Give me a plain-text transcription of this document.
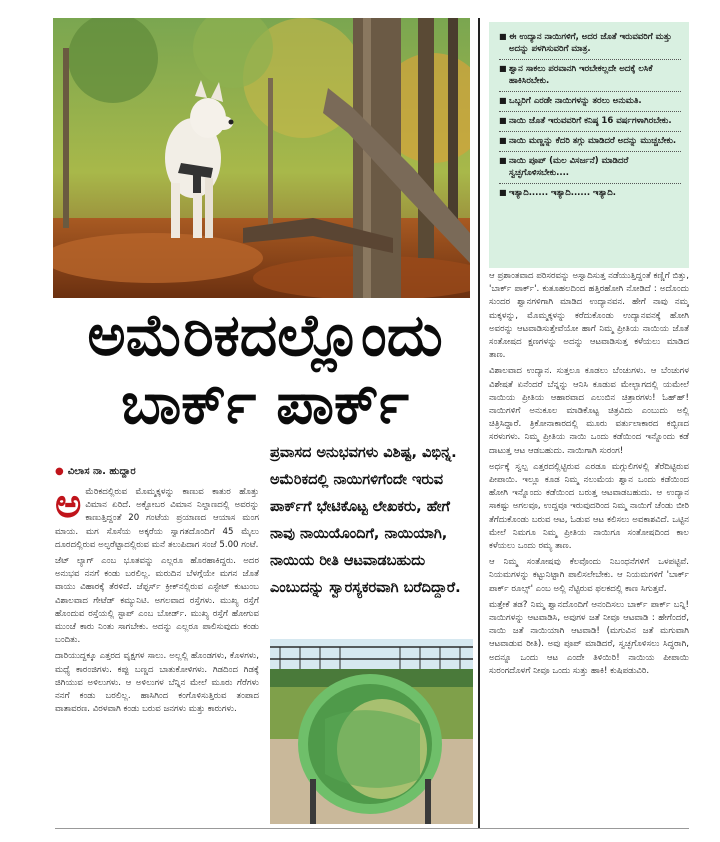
■ ಈ ಉದ್ಯಾನ ನಾಯಿಗಳಿಗೆ, ಅದರ ಜೊತೆ ಇರುವವರಿಗೆ ಮತ್ತು ಅದನ್ನು ಪಳಗಿಸುವರಿಗೆ ಮಾತ್ರ.
■ ಶ್ವಾನ ಸಾಕಲು ಪರವಾನಗಿ ಇರಬೇಕಲ್ಲದೇ ಅದಕ್ಕೆ ಲಸಿಕೆ ಹಾಕಿಸಿರಬೇಕು.
■ ಒಬ್ಬರಿಗೆ ಎರಡೇ ನಾಯಿಗಳನ್ನು ತರಲು ಅನುಮತಿ.
■ ನಾಯಿ ಜೊತೆ ಇರುವವರಿಗೆ ಕನಿಷ್ಠ 16 ವರ್ಷಗಳಾಗಿರಬೇಕು.
■ ನಾಯಿ ಮಣ್ಣನ್ನು ಕೆದರಿ ತಗ್ಗು ಮಾಡಿದರೆ ಅದನ್ನು ಮುಚ್ಚಬೇಕು.
■ ನಾಯಿ ಪೂಪ್ (ಮಲ ವಿಸರ್ಜನೆ) ಮಾಡಿದರೆ ಸ್ವಚ್ಛಗೊಳಿಸಬೇಕು....
■ ಇತ್ಯಾದಿ...... ಇತ್ಯಾದಿ...... ಇತ್ಯಾದಿ.
ಅಮೆರಿಕದಲ್ಲೊಂದು
ಬಾರ್ಕ್ ಪಾರ್ಕ್
● ವಿಲಾಸ ನಾ. ಹುದ್ದಾರ

ಅಮೆರಿಕದಲ್ಲಿರುವ ಮೊಮ್ಮಕ್ಕಳನ್ನು ಕಾಣುವ ಕಾತುರ ಹೊತ್ತು ವಿಮಾನ ಏರಿದೆ. ಅಕ್ಟೋಬರ ವಿಮಾನ ನಿಲ್ದಾಣದಲ್ಲಿ ಅವರನ್ನು ಕಾಣುತ್ತಿದ್ದಂತೆ 20 ಗಂಟೆಯ ಪ್ರಯಾಣದ ಆಯಾಸ ಮಂಗ ಮಾಯ. ಮಗ ಸೊಸೆಯ ಅಕ್ಕರೆಯ ಸ್ವಾಗತದೊಂದಿಗೆ 45 ಮೈಲು ದೂರದಲ್ಲಿರುವ ಅಲ್ಫರೆಟ್ಟಾದಲ್ಲಿರುವ ಮನೆ ತಲುಪಿದಾಗ ಸಂಜೆ 5.00 ಗಂಟೆ.

ಜೆಟ್ ಲ್ಯಾಗ್ ಎಂಬ ಭೂತವನ್ನು ಎಲ್ಲರೂ ಹೊರಹಾಕಿದ್ದರು. ಅದರ ಅನುಭವ ನನಗೆ ಕಂಡು ಬರಲಿಲ್ಲ. ಮರುದಿನ ಬೆಳಗ್ಗೆಯೇ ಮಗನ ಜೊತೆ ವಾಯು ವಿಹಾರಕ್ಕೆ ತೆರಳಿದೆ. ಜೆಫ್ಫರ್ಸ್ ಕ್ರೀಕ್‌ನಲ್ಲಿರುವ ಎಸ್ಟೇಟ್ ಕುಟುಂಬ ವಿಶಾಲವಾದ ಗೇಟೆಡ್ ಕಮ್ಯುನಿಟಿ. ಅಗಲವಾದ ರಸ್ತೆಗಳು. ಮುಖ್ಯ ರಸ್ತೆಗೆ ಹೊಂದುವ ರಸ್ತೆಯಲ್ಲಿ ಸ್ಟಾಪ್ ಎಂಬ ಬೋರ್ಡ್. ಮುಖ್ಯ ರಸ್ತೆಗೆ ಹೋಗುವ ಮುಂಚೆ ಕಾರು ನಿಂತು ಸಾಗಬೇಕು. ಅದನ್ನು ಎಲ್ಲರೂ ಪಾಲಿಸುವುದು ಕಂಡು ಬಂದಿತು.

ದಾರಿಯುದ್ದಕ್ಕೂ ಎತ್ತರದ ವೃಕ್ಷಗಳ ಸಾಲು. ಅಲ್ಲಲ್ಲಿ ಹೊಂಡಗಳು, ಕೊಳಗಳು, ಮಧ್ಯೆ ಕಾರಂಜಿಗಳು. ಕಪ್ಪು ಬಣ್ಣದ ಬಾತುಕೋಳಿಗಳು. ಗಿಡದಿಂದ ಗಿಡಕ್ಕೆ ಜಿಗಿಯುವ ಅಳಿಲುಗಳು. ಆ ಅಳಿಲುಗಳ ಬೆನ್ನಿನ ಮೇಲೆ ಮೂರು ಗೆರೆಗಳು ನನಗೆ ಕಂಡು ಬರಲಿಲ್ಲ. ಹಾಸಿಗಿಂದ ಕಂಗೊಳಿಸುತ್ತಿರುವ ತಂಪಾದ ವಾತಾವರಣ. ವಿರಳವಾಗಿ ಕಂಡು ಬರುವ ಜನಗಳು ಮತ್ತು ಕಾರುಗಳು.

ಪ್ರವಾಸದ ಅನುಭವಗಳು ವಿಶಿಷ್ಟ, ವಿಭಿನ್ನ. ಅಮೆರಿಕದಲ್ಲಿ ನಾಯಿಗಳಿಗೆಂದೇ ಇರುವ ಪಾರ್ಕ್‌ಗೆ ಭೇಟಿಕೊಟ್ಟ ಲೇಖಕರು, ಹೇಗೆ ನಾವು ನಾಯಿಯೊಂದಿಗೆ, ನಾಯಿಯಾಗಿ, ನಾಯಿಯ ರೀತಿ ಆಟವಾಡಬಹುದು ಎಂಬುದನ್ನು ಸ್ವಾರಸ್ಯಕರವಾಗಿ ಬರೆದಿದ್ದಾರೆ.

ಆ ಪ್ರಶಾಂತವಾದ ಪರಿಸರವನ್ನು ಅಸ್ವಾದಿಸುತ್ತ ನಡೆಯುತ್ತಿದ್ದಂತೆ ಕಣ್ಣಿಗೆ ಬಿತ್ತು, 'ಬಾರ್ಕ್ ಪಾರ್ಕ್'. ಕುತೂಹಲದಿಂದ ಹತ್ತಿರಹೋಗಿ ನೋಡಿದೆ : ಅದೊಂದು ಸುಂದರ ಶ್ವಾನಗಳಿಗಾಗಿ ಮಾಡಿದ ಉದ್ಯಾನವನ. ಹೇಗೆ ನಾವು ನಮ್ಮ ಮಕ್ಕಳನ್ನು, ಮೊಮ್ಮಕ್ಕಳನ್ನು ಕರೆದುಕೊಂಡು ಉದ್ಯಾನವನಕ್ಕೆ ಹೋಗಿ ಅವರನ್ನು ಆಟವಾಡಿಸುತ್ತೇವೆಯೋ ಹಾಗೆ ನಿಮ್ಮ ಪ್ರೀತಿಯ ನಾಯಿಯ ಜೊತೆ ಸಂತೋಷದ ಕ್ಷಣಗಳನ್ನು ಅದನ್ನು ಆಟವಾಡಿಸುತ್ತ ಕಳೆಯಲು ಮಾಡಿದ ತಾಣ.

ವಿಶಾಲವಾದ ಉದ್ಯಾನ. ಸುತ್ತಲೂ ಕೂಡಲು ಬೆಂಚುಗಳು. ಆ ಬೆಂಚುಗಳ ವಿಶೇಷತೆ ಏನೆಂದರೆ ಬೆನ್ನನ್ನು ಆನಿಸಿ ಕೂಡುವ ಮೇಲ್ಭಾಗದಲ್ಲಿ ಯಮೇಲೆ ನಾಯಿಯ ಪ್ರೀತಿಯ ಆಹಾರವಾದ ಎಲುಬಿನ ಚಿತ್ರಾರಗಳು! ಓಹ್‌ಹ್! ನಾಯಿಗಳಿಗೆ ಅನುಕೂಲ ಮಾಡಿಕೊಟ್ಟ ಚಿತ್ರವಿದು ಎಂಬುದು ಅಲ್ಲಿ ಚಿತ್ರಿಸಿದ್ದಾರೆ. ತ್ರಿಕೋನಾಕಾರದಲ್ಲಿ ಮೂರು ವರ್ತುಲಾಕಾರದ ಕಬ್ಬಿಣದ ಸರಳುಗಳು. ನಿಮ್ಮ ಪ್ರೀತಿಯ ನಾಯಿ ಒಂದು ಕಡೆಯಿಂದ ಇನ್ನೊಂದು ಕಡೆ ದಾಟುತ್ತ ಆಟ ಆಡಬಹುದು. ನಾಯಿಗಾಗಿ ಸುರಂಗ!

ಅರ್ಧಕ್ಕೆ ಸ್ವಲ್ಪ ಎತ್ತರದಲ್ಲಿಟ್ಟಿರುವ ಎರಡೂ ಮಗ್ಗುಲಿಗಳಲ್ಲಿ ತೆರೆದಿಟ್ಟಿರುವ ಪೀಪಾಯಿ. ಇಲ್ಲೂ ಕೂಡ ನಿಮ್ಮ ನಲುಮೆಯ ಶ್ವಾನ ಒಂದು ಕಡೆಯಿಂದ ಹೋಗಿ ಇನ್ನೊಂದು ಕಡೆಯಿಂದ ಬರುತ್ತ ಆಟವಾಡಬಹುದು. ಆ ಉದ್ಯಾನ ಸಾಕಷ್ಟು ಅಗಲವೂ, ಉದ್ದವೂ ಇರುವುದರಿಂದ ನಿಮ್ಮ ನಾಯಿಗೆ ಚೆಂಡು ಬೀರಿ ತೆಗೆದುಕೊಂಡು ಬರುವ ಆಟ, ಓಡುವ ಆಟ ಕಲಿಸಲು ಅವಕಾಶವಿದೆ. ಒಟ್ಟಿನ ಮೇಲೆ ನಿಮಗೂ ನಿಮ್ಮ ಪ್ರೀತಿಯ ನಾಯಿಗೂ ಸಂತೋಷದಿಂದ ಕಾಲ ಕಳೆಯಲು ಒಂದು ರಮ್ಯ ತಾಣ.

ಆ ನಿಮ್ಮ ಸಂತೋಷವು ಕೆಲವೊಂದು ನಿಬಂಧನೆಗಳಿಗೆ ಒಳಪಟ್ಟಿವೆ. ನಿಯಮಗಳನ್ನು ಕಟ್ಟುನಿಟ್ಟಾಗಿ ಪಾಲಿಸಲೇಬೇಕು. ಆ ನಿಯಮಗಳಿಗೆ 'ಬಾರ್ಕ್ ಪಾರ್ಕ್ ರೂಲ್ಸ್' ಎಂಬ ಅಲ್ಲಿ ನೆಟ್ಟಿರುವ ಫಲಕದಲ್ಲಿ ಕಾಣ ಸಿಗುತ್ತವೆ.

ಮತ್ತೇಕೆ ತಡ? ನಿಮ್ಮ ಶ್ವಾನದೊಂದಿಗೆ ಆನಂದಿಸಲು ಬಾರ್ಕ್ ಪಾರ್ಕ್ ಬನ್ನಿ! ನಾಯಿಗಳನ್ನು ಆಟವಾಡಿಸಿ, ಅವುಗಳ ಜತೆ ನೀವೂ ಆಟವಾಡಿ : ಹೇಗೆಂದರೆ, ನಾಯಿ ಜತೆ ನಾಯಿಯಾಗಿ ಆಟವಾಡಿ! (ಮಗುವಿನ ಜತೆ ಮಗುವಾಗಿ ಆಟವಾಡುವ ರೀತಿ). ಅವು ಪೂಪ್ ಮಾಡಿದರೆ, ಸ್ವಚ್ಛಗೊಳಿಸಲು ಸಿದ್ಧರಾಗಿ, ಅದನ್ನೂ ಒಂದು ಆಟ ಎಂದೇ ತಿಳಿಯಿರಿ! ನಾಯಿಯ ಪೀಪಾಯಿ ಸುರಂಗದೊಳಗೆ ನೀವೂ ಒಂದು ಸುತ್ತು ಹಾಕಿ! ಕುಷಿಪಡುವಿರಿ.
